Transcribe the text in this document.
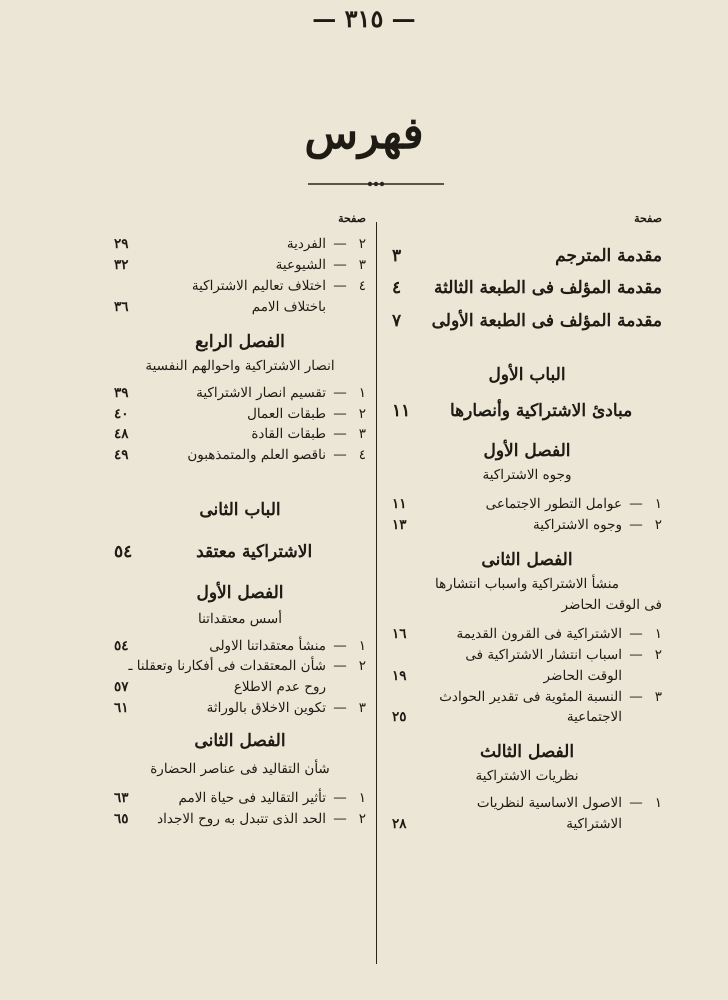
— ٣١٥ —
فهرس
صفحة
مقدمة المترجم
٣
مقدمة المؤلف فى الطبعة الثالثة
٤
مقدمة المؤلف فى الطبعة الأولى
٧
الباب الأول
مبادئ الاشتراكية وأنصارها
١١
الفصل الأول
وجوه الاشتراكية
١
—
عوامل التطور الاجتماعى
١١
٢
—
وجوه الاشتراكية
١٣
الفصل الثانى
منشأ الاشتراكية واسباب انتشارها
فى الوقت الحاضر
١
—
الاشتراكية فى القرون القديمة
١٦
٢
—
اسباب انتشار الاشتراكية فى
الوقت الحاضر
١٩
٣
—
النسبة المئوية فى تقدير الحوادث
الاجتماعية
٢٥
الفصل الثالث
نظريات الاشتراكية
١
—
الاصول الاساسية لنظريات
الاشتراكية
٢٨
صفحة
٢
—
الفردية
٢٩
٣
—
الشيوعية
٣٢
٤
—
اختلاف تعاليم الاشتراكية
باختلاف الامم
٣٦
الفصل الرابع
انصار الاشتراكية واحوالهم النفسية
١
—
تقسيم انصار الاشتراكية
٣٩
٢
—
طبقات العمال
٤٠
٣
—
طبقات القادة
٤٨
٤
—
ناقصو العلم والمتمذهبون
٤٩
الباب الثانى
الاشتراكية معتقد
٥٤
الفصل الأول
أسس معتقداتنا
١
—
منشأ معتقداتنا الاولى
٥٤
٢
—
شأن المعتقدات فى أفكارنا وتعقلنا ـ
روح عدم الاطلاع
٥٧
٣
—
تكوين الاخلاق بالوراثة
٦١
الفصل الثانى
شأن التقاليد فى عناصر الحضارة
١
—
تأثير التقاليد فى حياة الامم
٦٣
٢
—
الحد الذى تتبدل به روح الاجداد
٦٥
